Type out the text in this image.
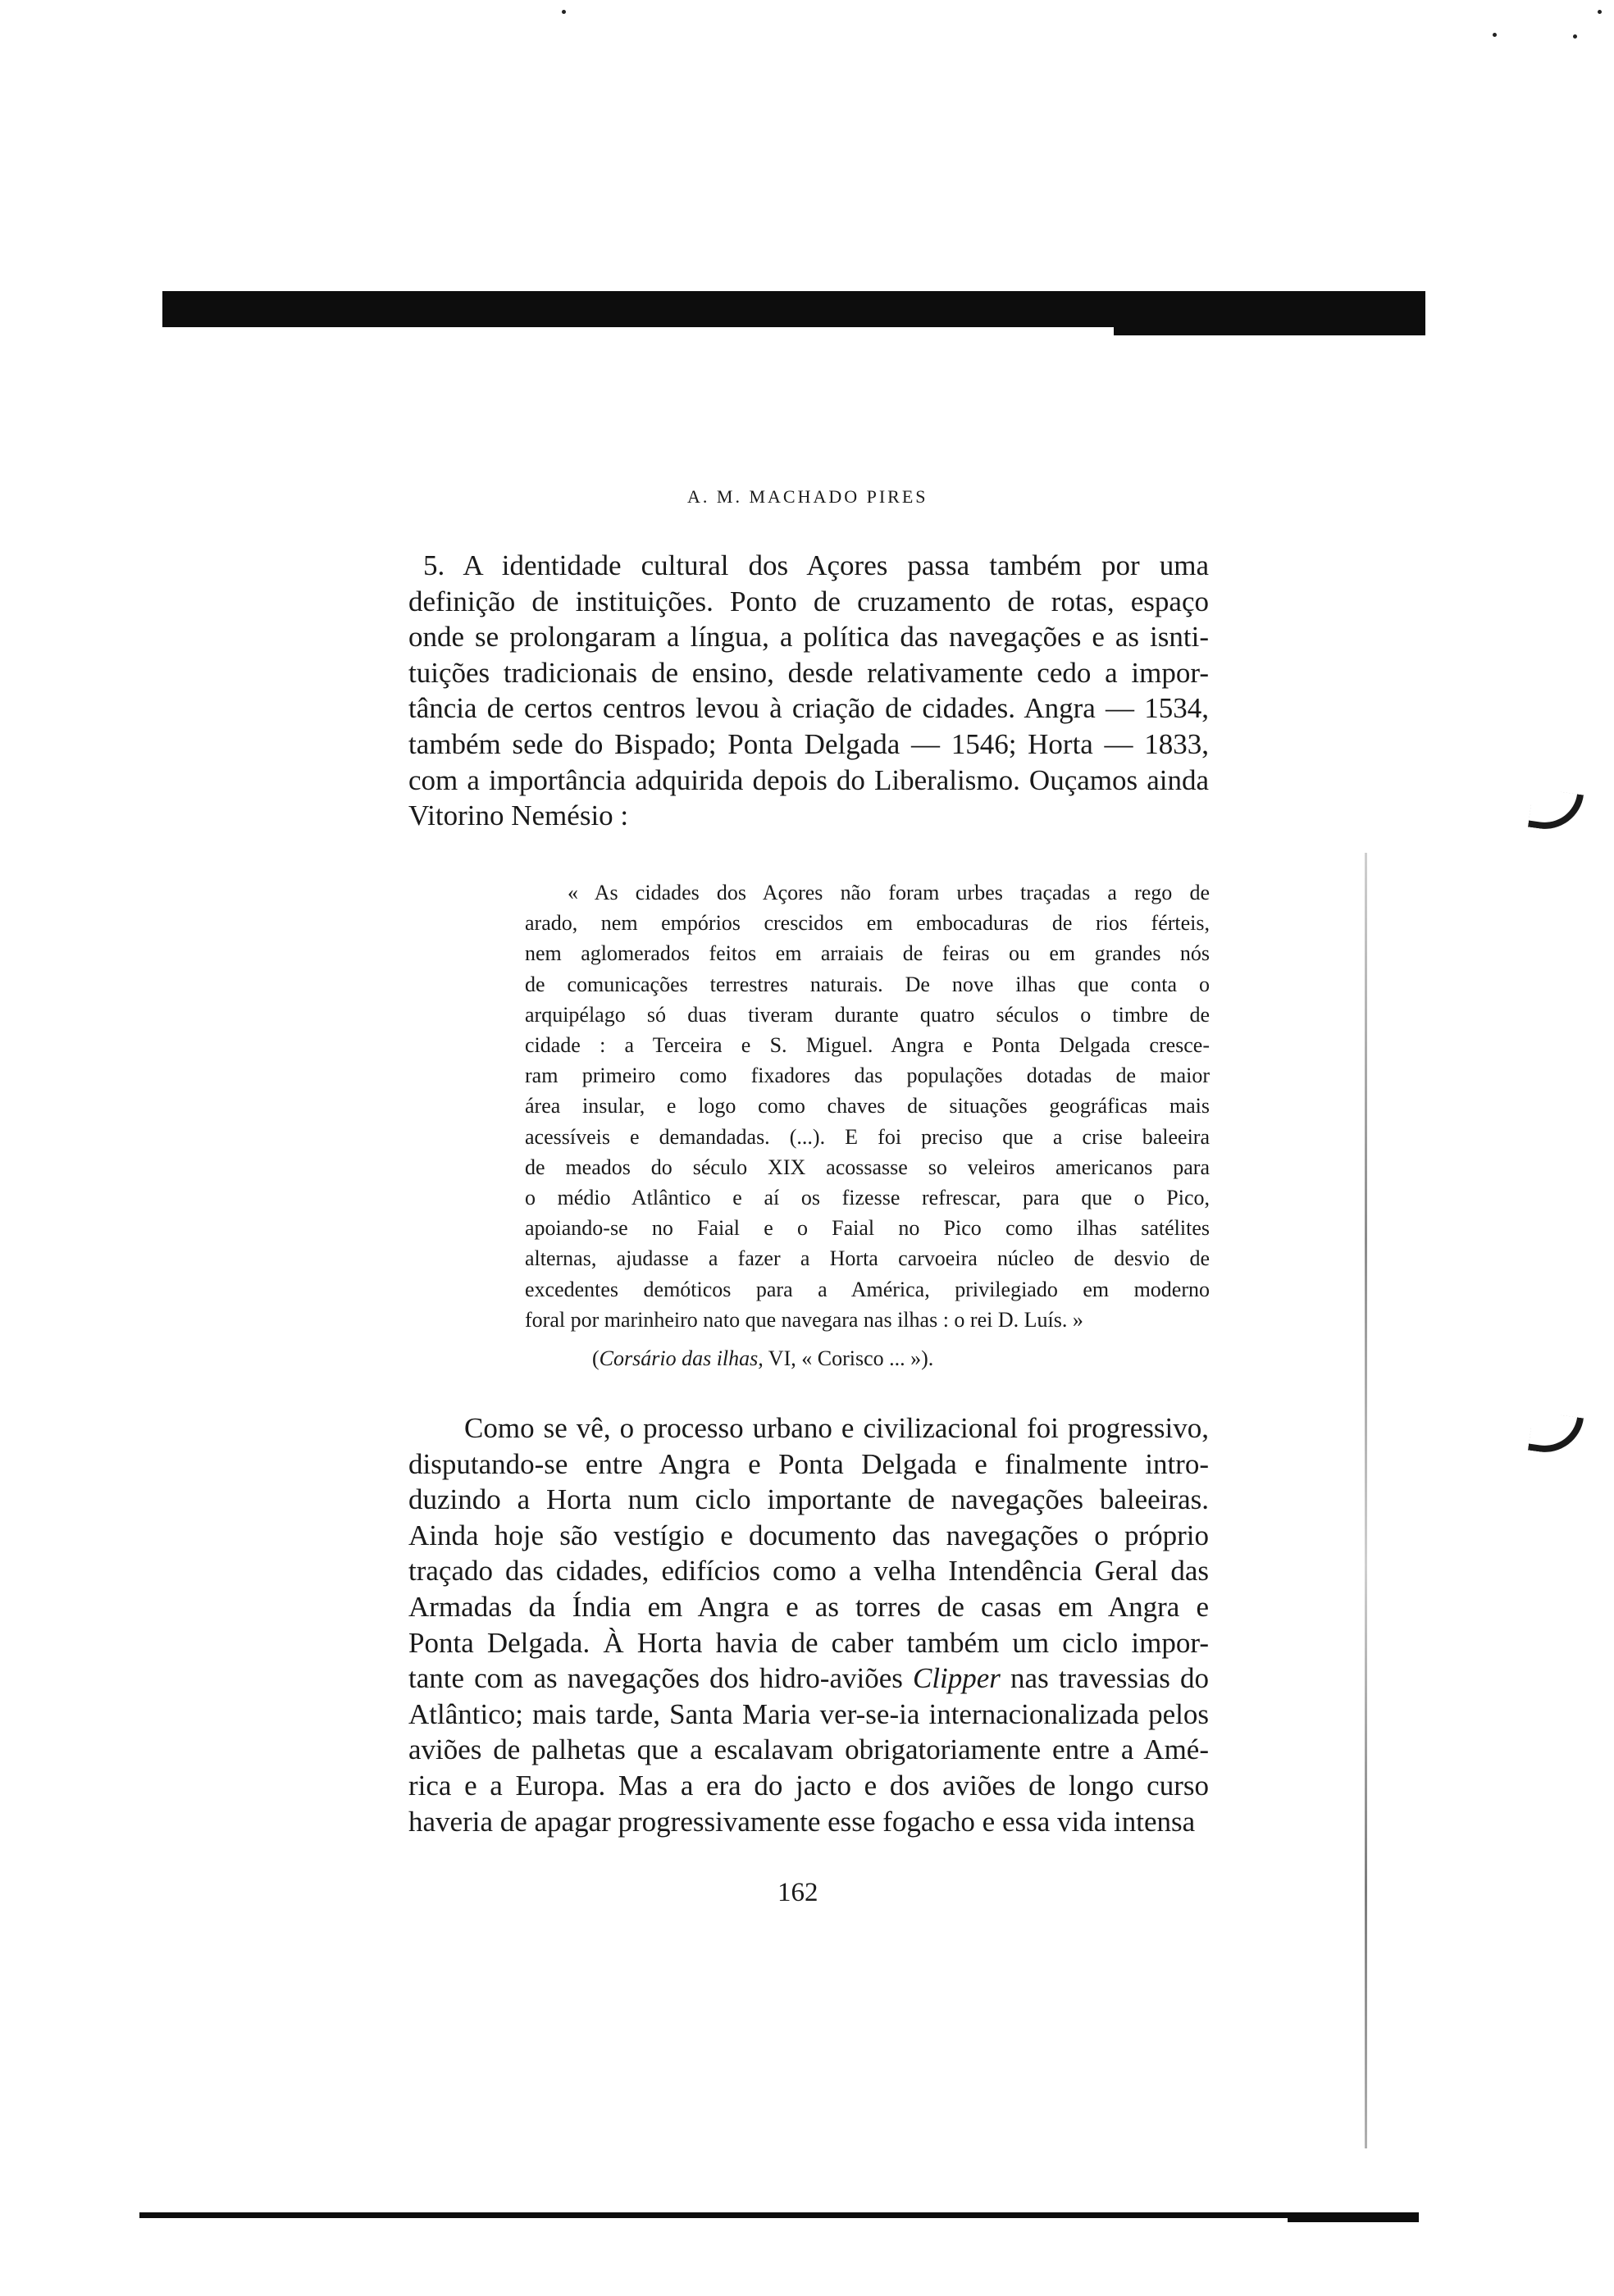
A. M. MACHADO PIRES
5. A identidade cultural dos Açores passa também por uma
definição de instituições. Ponto de cruzamento de rotas, espaço
onde se prolongaram a língua, a política das navegações e as isnti-
tuições tradicionais de ensino, desde relativamente cedo a impor-
tância de certos centros levou à criação de cidades. Angra — 1534,
também sede do Bispado; Ponta Delgada — 1546; Horta — 1833,
com a importância adquirida depois do Liberalismo. Ouçamos ainda
Vitorino Nemésio :
« As cidades dos Açores não foram urbes traçadas a rego de
arado, nem empórios crescidos em embocaduras de rios férteis,
nem aglomerados feitos em arraiais de feiras ou em grandes nós
de comunicações terrestres naturais. De nove ilhas que conta o
arquipélago só duas tiveram durante quatro séculos o timbre de
cidade : a Terceira e S. Miguel. Angra e Ponta Delgada cresce-
ram primeiro como fixadores das populações dotadas de maior
área insular, e logo como chaves de situações geográficas mais
acessíveis e demandadas. (...). E foi preciso que a crise baleeira
de meados do século XIX acossasse so veleiros americanos para
o médio Atlântico e aí os fizesse refrescar, para que o Pico,
apoiando-se no Faial e o Faial no Pico como ilhas satélites
alternas, ajudasse a fazer a Horta carvoeira núcleo de desvio de
excedentes demóticos para a América, privilegiado em moderno
foral por marinheiro nato que navegara nas ilhas : o rei D. Luís. »
(Corsário das ilhas, VI, « Corisco ... »).
Como se vê, o processo urbano e civilizacional foi progressivo,
disputando-se entre Angra e Ponta Delgada e finalmente intro-
duzindo a Horta num ciclo importante de navegações baleeiras.
Ainda hoje são vestígio e documento das navegações o próprio
traçado das cidades, edifícios como a velha Intendência Geral das
Armadas da Índia em Angra e as torres de casas em Angra e
Ponta Delgada. À Horta havia de caber também um ciclo impor-
tante com as navegações dos hidro-aviões Clipper nas travessias do
Atlântico; mais tarde, Santa Maria ver-se-ia internacionalizada pelos
aviões de palhetas que a escalavam obrigatoriamente entre a Amé-
rica e a Europa. Mas a era do jacto e dos aviões de longo curso
haveria de apagar progressivamente esse fogacho e essa vida intensa
162
